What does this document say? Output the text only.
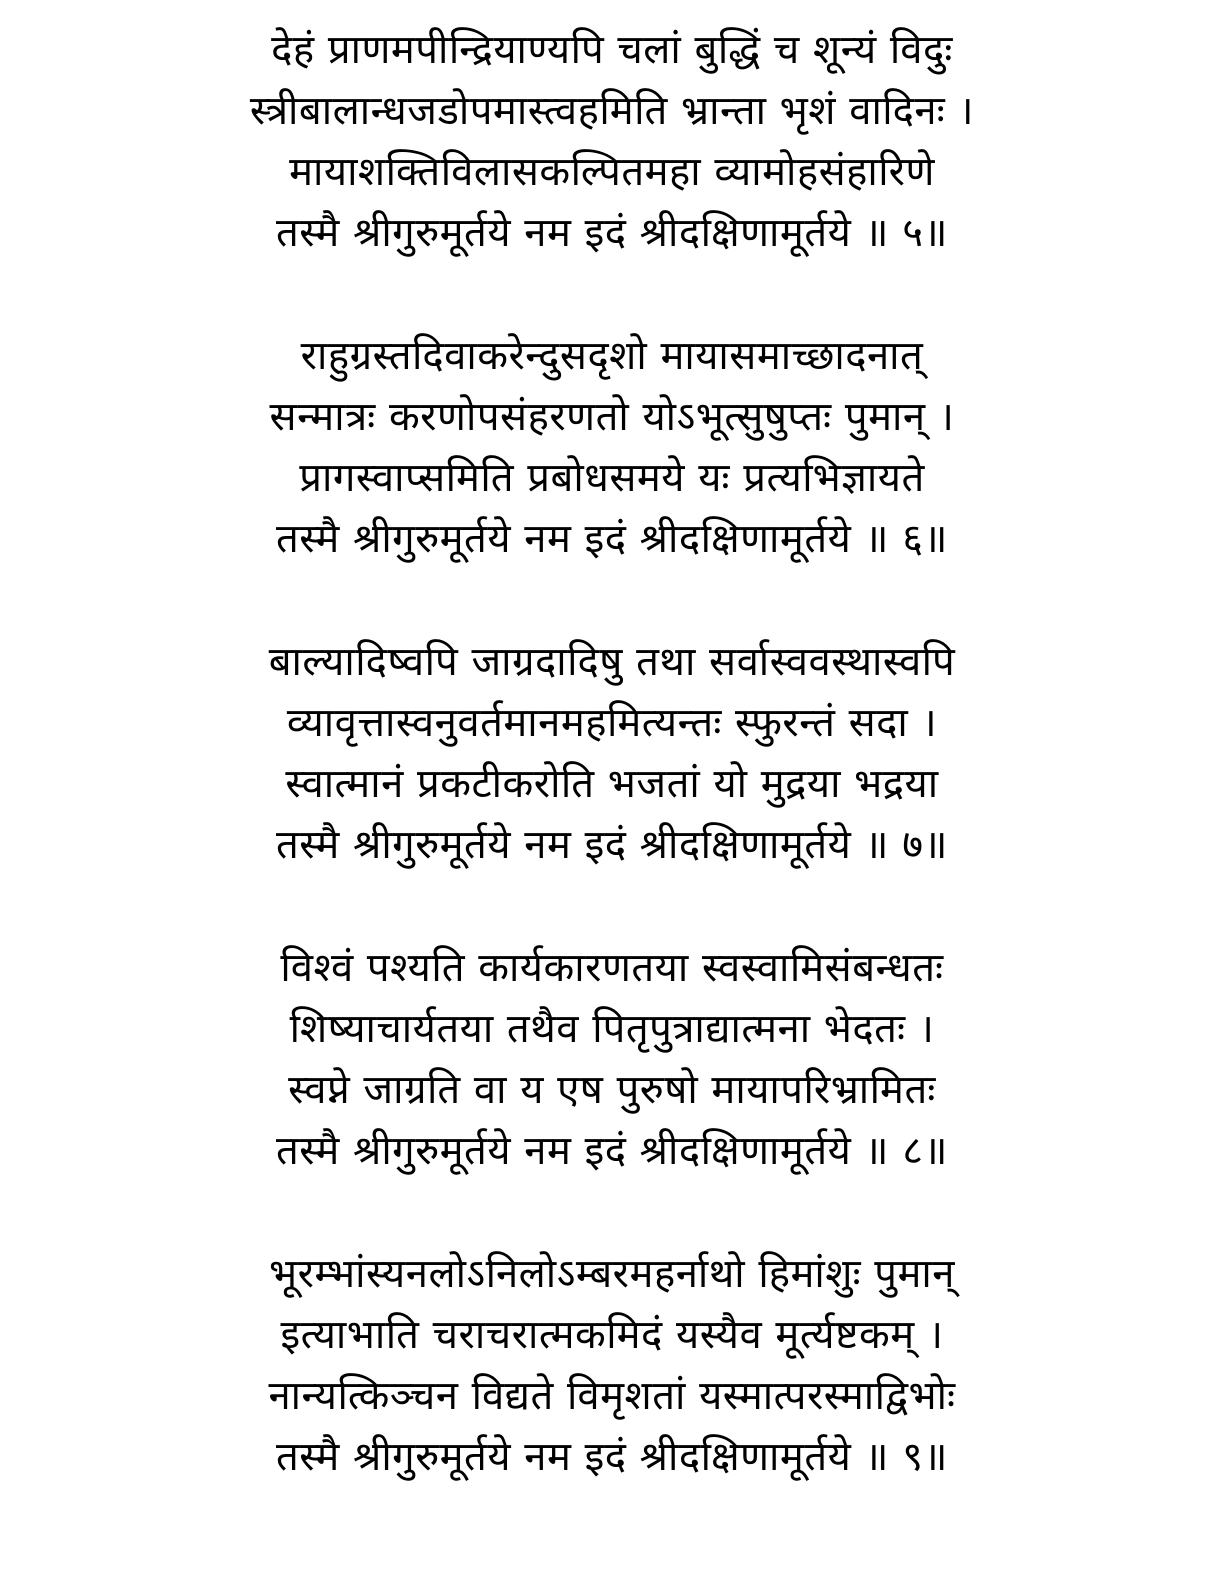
देहं प्राणमपीन्द्रियाण्यपि चलां बुद्धिं च शून्यं विदुः

स्त्रीबालान्धजडोपमास्त्वहमिति भ्रान्ता भृशं वादिनः ।

मायाशक्तिविलासकल्पितमहा व्यामोहसंहारिणे

तस्मै श्रीगुरुमूर्तये नम इदं श्रीदक्षिणामूर्तये ॥ ५॥

राहुग्रस्तदिवाकरेन्दुसदृशो मायासमाच्छादनात्

सन्मात्रः करणोपसंहरणतो योऽभूत्सुषुप्तः पुमान् ।

प्रागस्वाप्समिति प्रबोधसमये यः प्रत्यभिज्ञायते

तस्मै श्रीगुरुमूर्तये नम इदं श्रीदक्षिणामूर्तये ॥ ६॥

बाल्यादिष्वपि जाग्रदादिषु तथा सर्वास्ववस्थास्वपि

व्यावृत्तास्वनुवर्तमानमहमित्यन्तः स्फुरन्तं सदा ।

स्वात्मानं प्रकटीकरोति भजतां यो मुद्रया भद्रया

तस्मै श्रीगुरुमूर्तये नम इदं श्रीदक्षिणामूर्तये ॥ ७॥

विश्वं पश्यति कार्यकारणतया स्वस्वामिसंबन्धतः

शिष्याचार्यतया तथैव पितृपुत्राद्यात्मना भेदतः ।

स्वप्ने जाग्रति वा य एष पुरुषो मायापरिभ्रामितः

तस्मै श्रीगुरुमूर्तये नम इदं श्रीदक्षिणामूर्तये ॥ ८॥

भूरम्भांस्यनलोऽनिलोऽम्बरमहर्नाथो हिमांशुः पुमान्

इत्याभाति चराचरात्मकमिदं यस्यैव मूर्त्यष्टकम् ।

नान्यत्किञ्चन विद्यते विमृशतां यस्मात्परस्माद्विभोः

तस्मै श्रीगुरुमूर्तये नम इदं श्रीदक्षिणामूर्तये ॥ ९॥
